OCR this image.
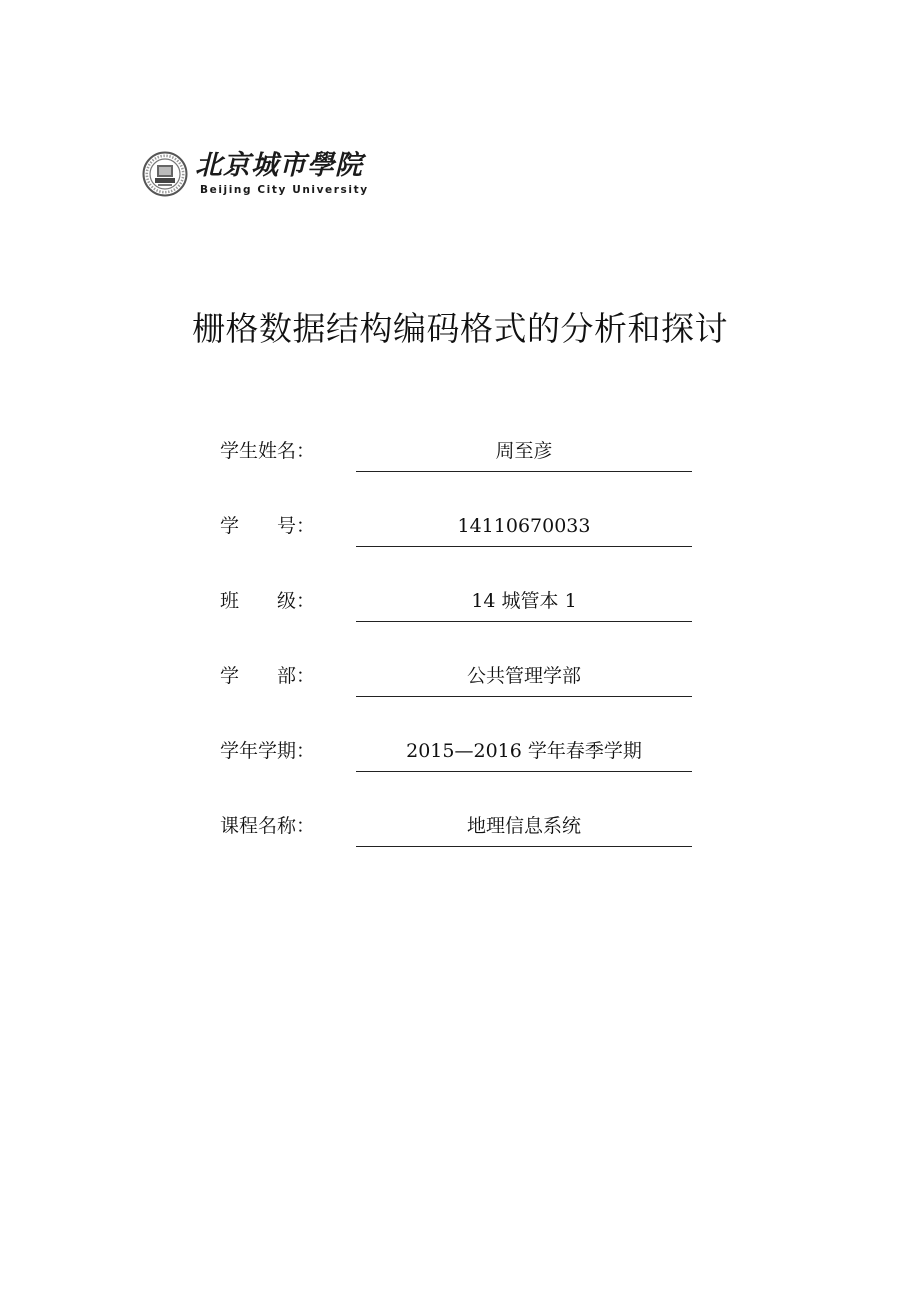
北京城市學院
Beijing City University
栅格数据结构编码格式的分析和探讨
学生姓名：	周至彦
学　　号：	14110670033
班　　级：	14 城管本 1
学　　部：	公共管理学部
学年学期：	2015—2016 学年春季学期
课程名称：	地理信息系统
